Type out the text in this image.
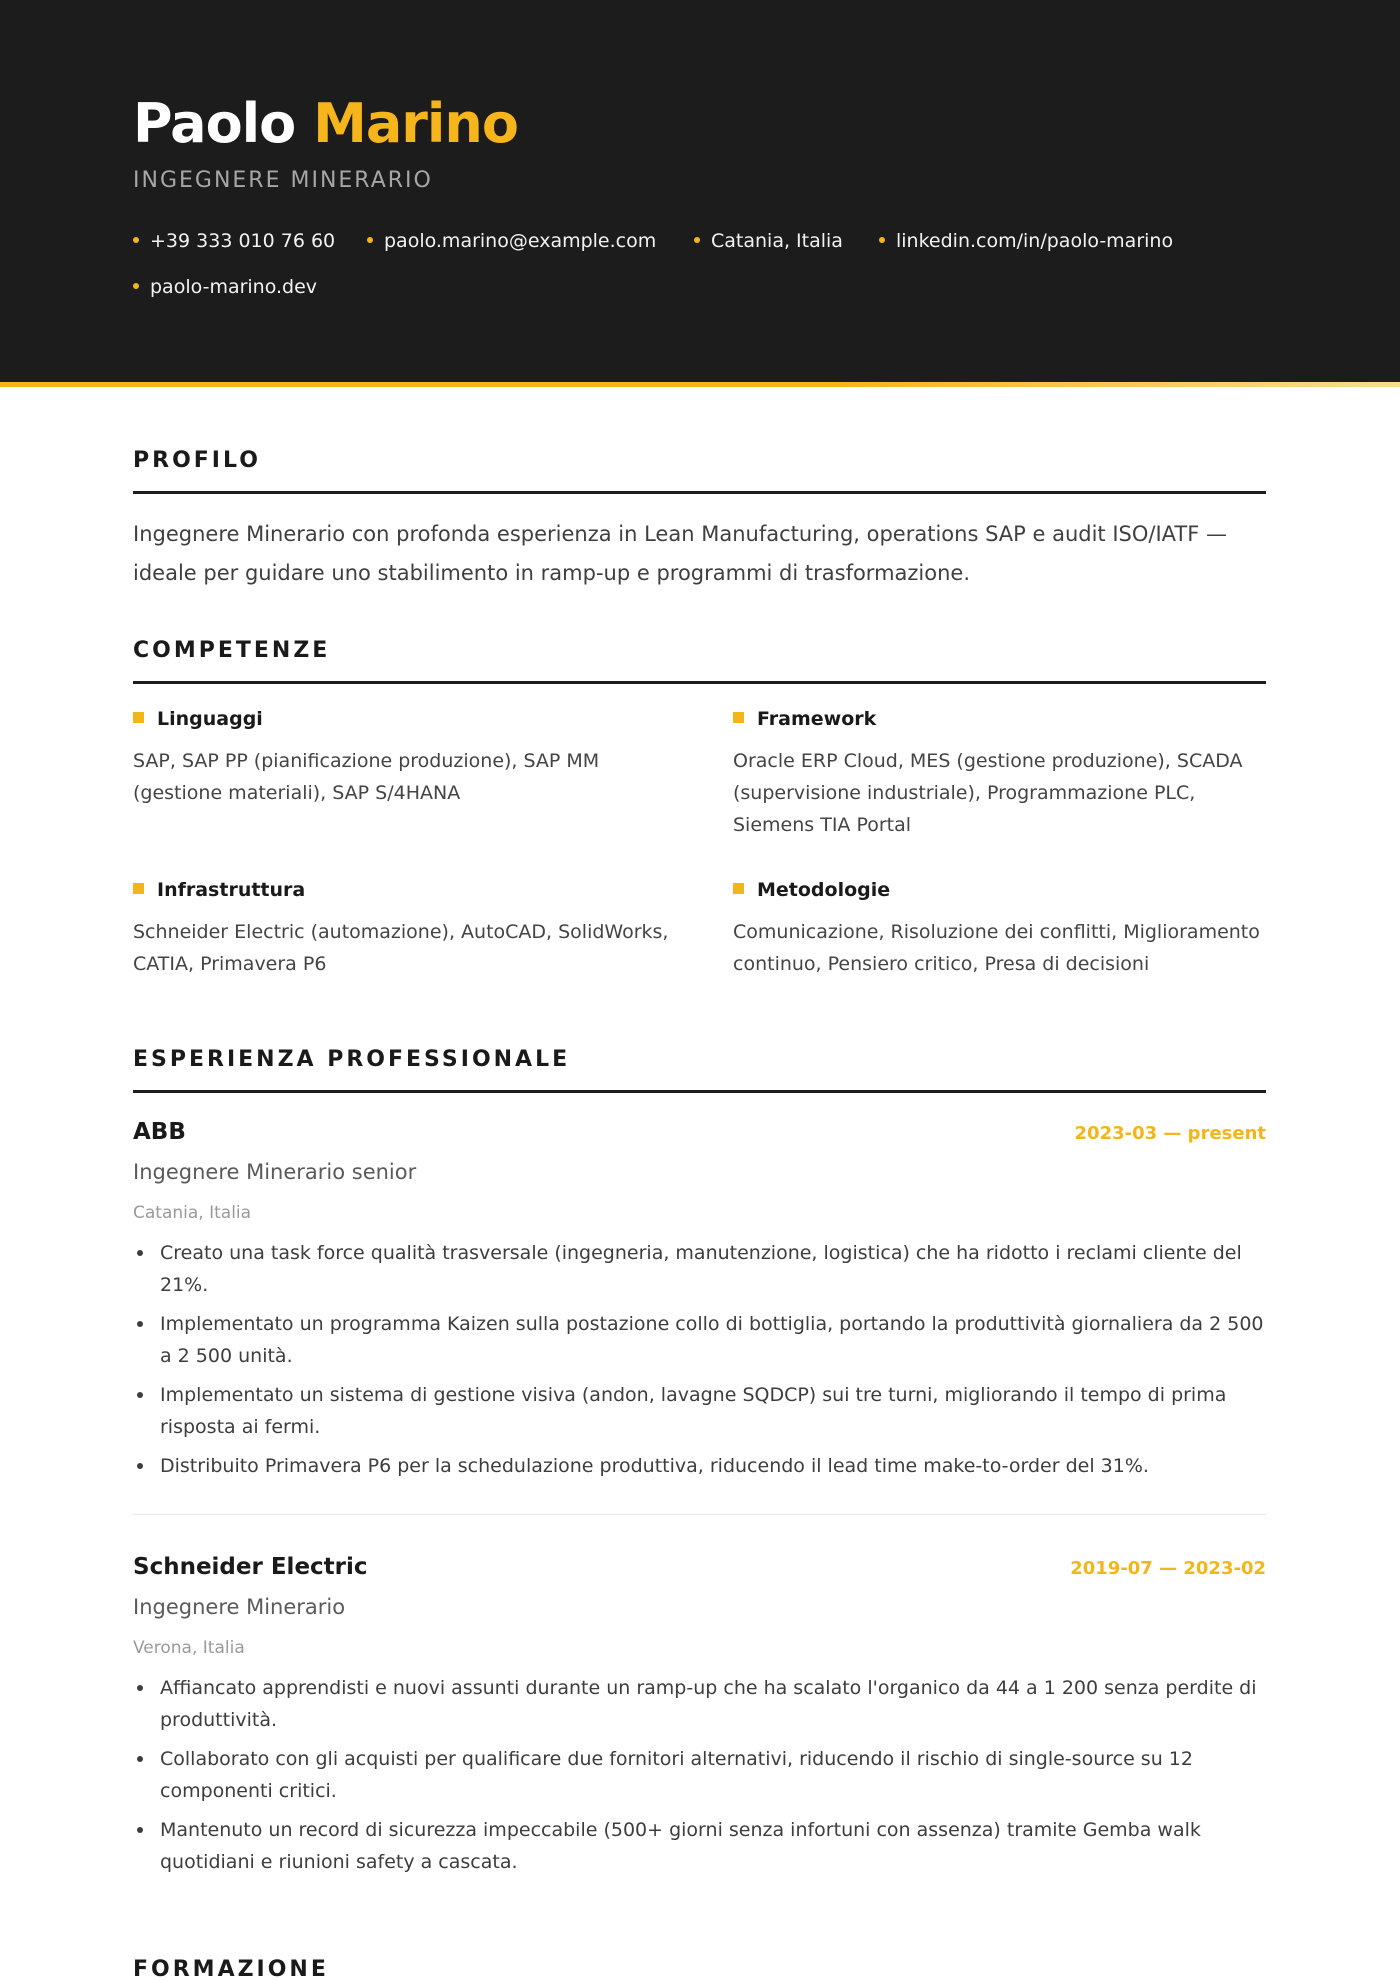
Paolo Marino
INGEGNERE MINERARIO
+39 333 010 76 60	paolo.marino@example.com	Catania, Italia	linkedin.com/in/paolo-marino
paolo-marino.dev
PROFILO

Ingegnere Minerario con profonda esperienza in Lean Manufacturing, operations SAP e audit ISO/IATF — ideale per guidare uno stabilimento in ramp-up e programmi di trasformazione.

COMPETENZE
Linguaggi

SAP, SAP PP (pianificazione produzione), SAP MM (gestione materiali), SAP S/4HANA

Framework

Oracle ERP Cloud, MES (gestione produzione), SCADA (supervisione industriale), Programmazione PLC, Siemens TIA Portal

Infrastruttura

Schneider Electric (automazione), AutoCAD, SolidWorks, CATIA, Primavera P6

Metodologie

Comunicazione, Risoluzione dei conflitti, Miglioramento continuo, Pensiero critico, Presa di decisioni

ESPERIENZA PROFESSIONALE
ABB	2023-03 — present
Ingegnere Minerario senior
Catania, Italia
Creato una task force qualità trasversale (ingegneria, manutenzione, logistica) che ha ridotto i reclami cliente del 21%.
Implementato un programma Kaizen sulla postazione collo di bottiglia, portando la produttività giornaliera da 2 500 a 2 500 unità.
Implementato un sistema di gestione visiva (andon, lavagne SQDCP) sui tre turni, migliorando il tempo di prima risposta ai fermi.
Distribuito Primavera P6 per la schedulazione produttiva, riducendo il lead time make-to-order del 31%.
Schneider Electric	2019-07 — 2023-02
Ingegnere Minerario
Verona, Italia
Affiancato apprendisti e nuovi assunti durante un ramp-up che ha scalato l'organico da 44 a 1 200 senza perdite di produttività.
Collaborato con gli acquisti per qualificare due fornitori alternativi, riducendo il rischio di single-source su 12 componenti critici.
Mantenuto un record di sicurezza impeccabile (500+ giorni senza infortuni con assenza) tramite Gemba walk quotidiani e riunioni safety a cascata.
FORMAZIONE
